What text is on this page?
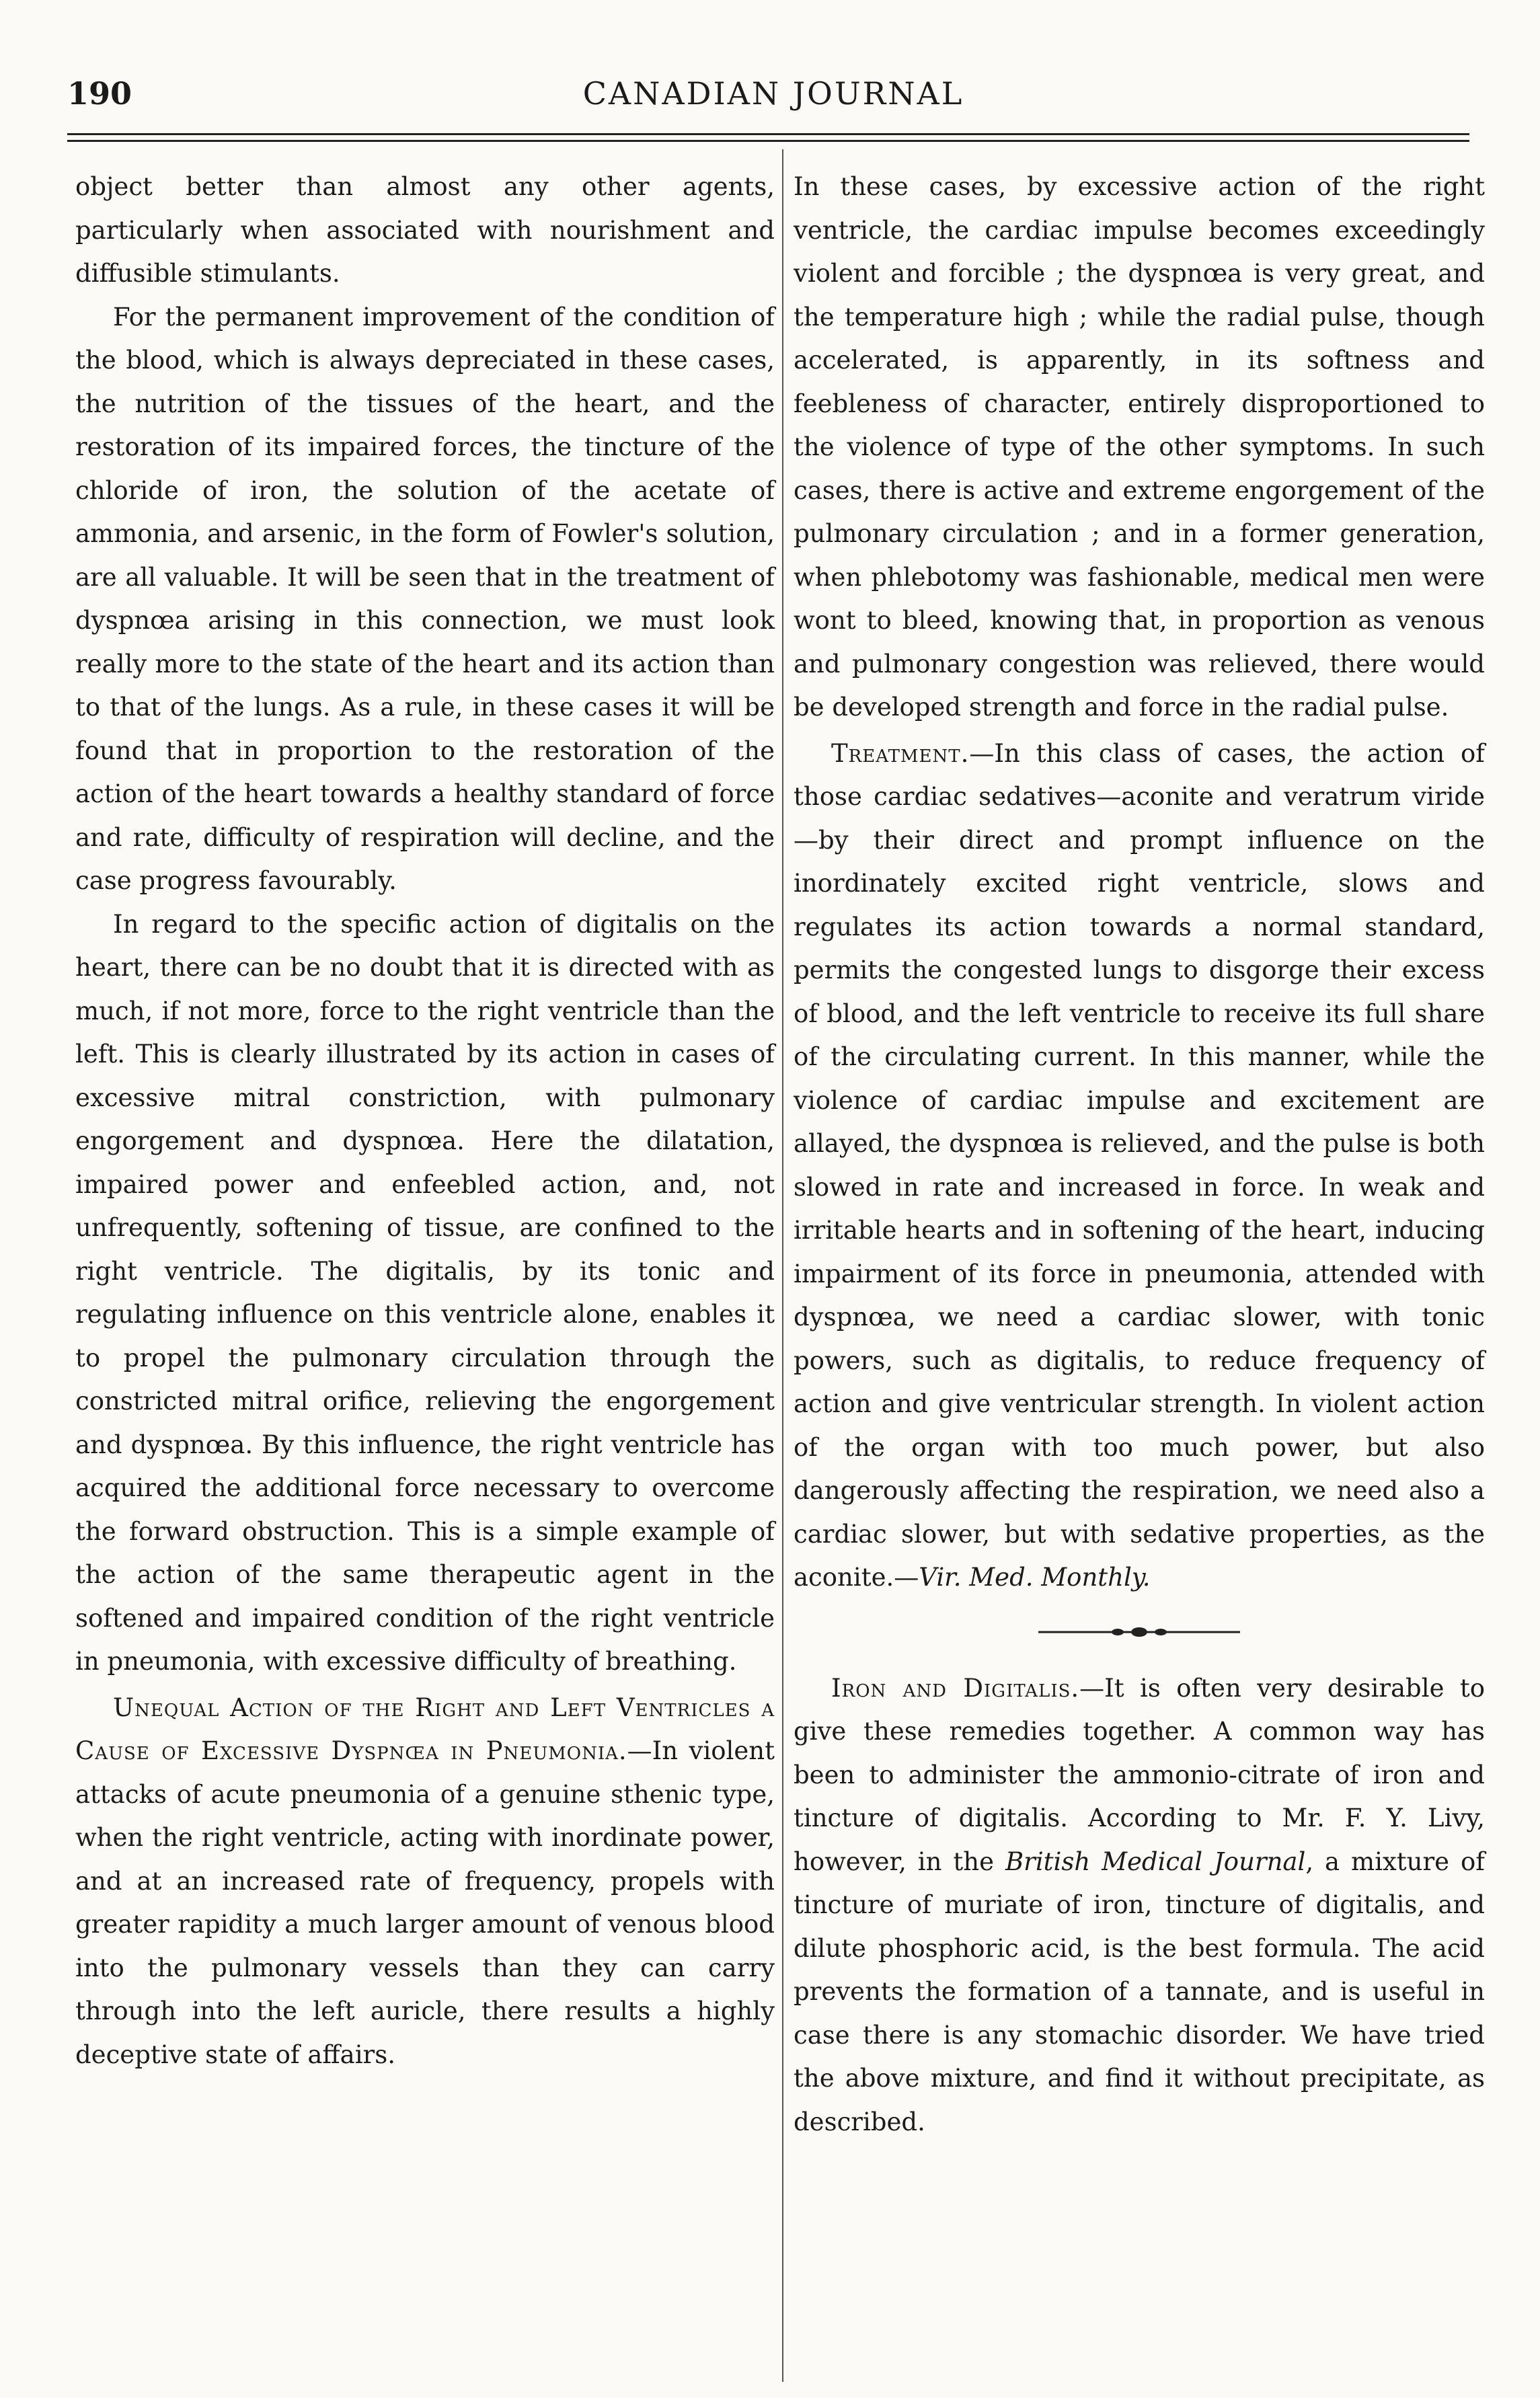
190	CANADIAN JOURNAL

object better than almost any other agents, particularly when associated with nourishment and diffusible stimulants.

For the permanent improvement of the condition of the blood, which is always depreciated in these cases, the nutrition of the tissues of the heart, and the restoration of its impaired forces, the tincture of the chloride of iron, the solution of the acetate of ammonia, and arsenic, in the form of Fowler's solution, are all valuable. It will be seen that in the treatment of dyspnœa arising in this connection, we must look really more to the state of the heart and its action than to that of the lungs. As a rule, in these cases it will be found that in proportion to the restoration of the action of the heart towards a healthy standard of force and rate, difficulty of respiration will decline, and the case progress favourably.

In regard to the specific action of digitalis on the heart, there can be no doubt that it is directed with as much, if not more, force to the right ventricle than the left. This is clearly illustrated by its action in cases of excessive mitral constriction, with pulmonary engorgement and dyspnœa. Here the dilatation, impaired power and enfeebled action, and, not unfrequently, softening of tissue, are confined to the right ventricle. The digitalis, by its tonic and regulating influence on this ventricle alone, enables it to propel the pulmonary circulation through the constricted mitral orifice, relieving the engorgement and dyspnœa. By this influence, the right ventricle has acquired the additional force necessary to overcome the forward obstruction. This is a simple example of the action of the same therapeutic agent in the softened and impaired condition of the right ventricle in pneumonia, with excessive difficulty of breathing.

Unequal Action of the Right and Left Ventricles a Cause of Excessive Dyspnœa in Pneumonia.—In violent attacks of acute pneumonia of a genuine sthenic type, when the right ventricle, acting with inordinate power, and at an increased rate of frequency, propels with greater rapidity a much larger amount of venous blood into the pulmonary vessels than they can carry through into the left auricle, there results a highly deceptive state of affairs.

In these cases, by excessive action of the right ventricle, the cardiac impulse becomes exceedingly violent and forcible ; the dyspnœa is very great, and the temperature high ; while the radial pulse, though accelerated, is apparently, in its softness and feebleness of character, entirely disproportioned to the violence of type of the other symptoms. In such cases, there is active and extreme engorgement of the pulmonary circulation ; and in a former generation, when phlebotomy was fashionable, medical men were wont to bleed, knowing that, in proportion as venous and pulmonary congestion was relieved, there would be developed strength and force in the radial pulse.

Treatment.—In this class of cases, the action of those cardiac sedatives—aconite and veratrum viride—by their direct and prompt influence on the inordinately excited right ventricle, slows and regulates its action towards a normal standard, permits the congested lungs to disgorge their excess of blood, and the left ventricle to receive its full share of the circulating current. In this manner, while the violence of cardiac impulse and excitement are allayed, the dyspnœa is relieved, and the pulse is both slowed in rate and increased in force. In weak and irritable hearts and in softening of the heart, inducing impairment of its force in pneumonia, attended with dyspnœa, we need a cardiac slower, with tonic powers, such as digitalis, to reduce frequency of action and give ventricular strength. In violent action of the organ with too much power, but also dangerously affecting the respiration, we need also a cardiac slower, but with sedative properties, as the aconite.—Vir. Med. Monthly.

Iron and Digitalis.—It is often very desirable to give these remedies together. A common way has been to administer the ammonio-citrate of iron and tincture of digitalis. According to Mr. F. Y. Livy, however, in the British Medical Journal, a mixture of tincture of muriate of iron, tincture of digitalis, and dilute phosphoric acid, is the best formula. The acid prevents the formation of a tannate, and is useful in case there is any stomachic disorder. We have tried the above mixture, and find it without precipitate, as described.
